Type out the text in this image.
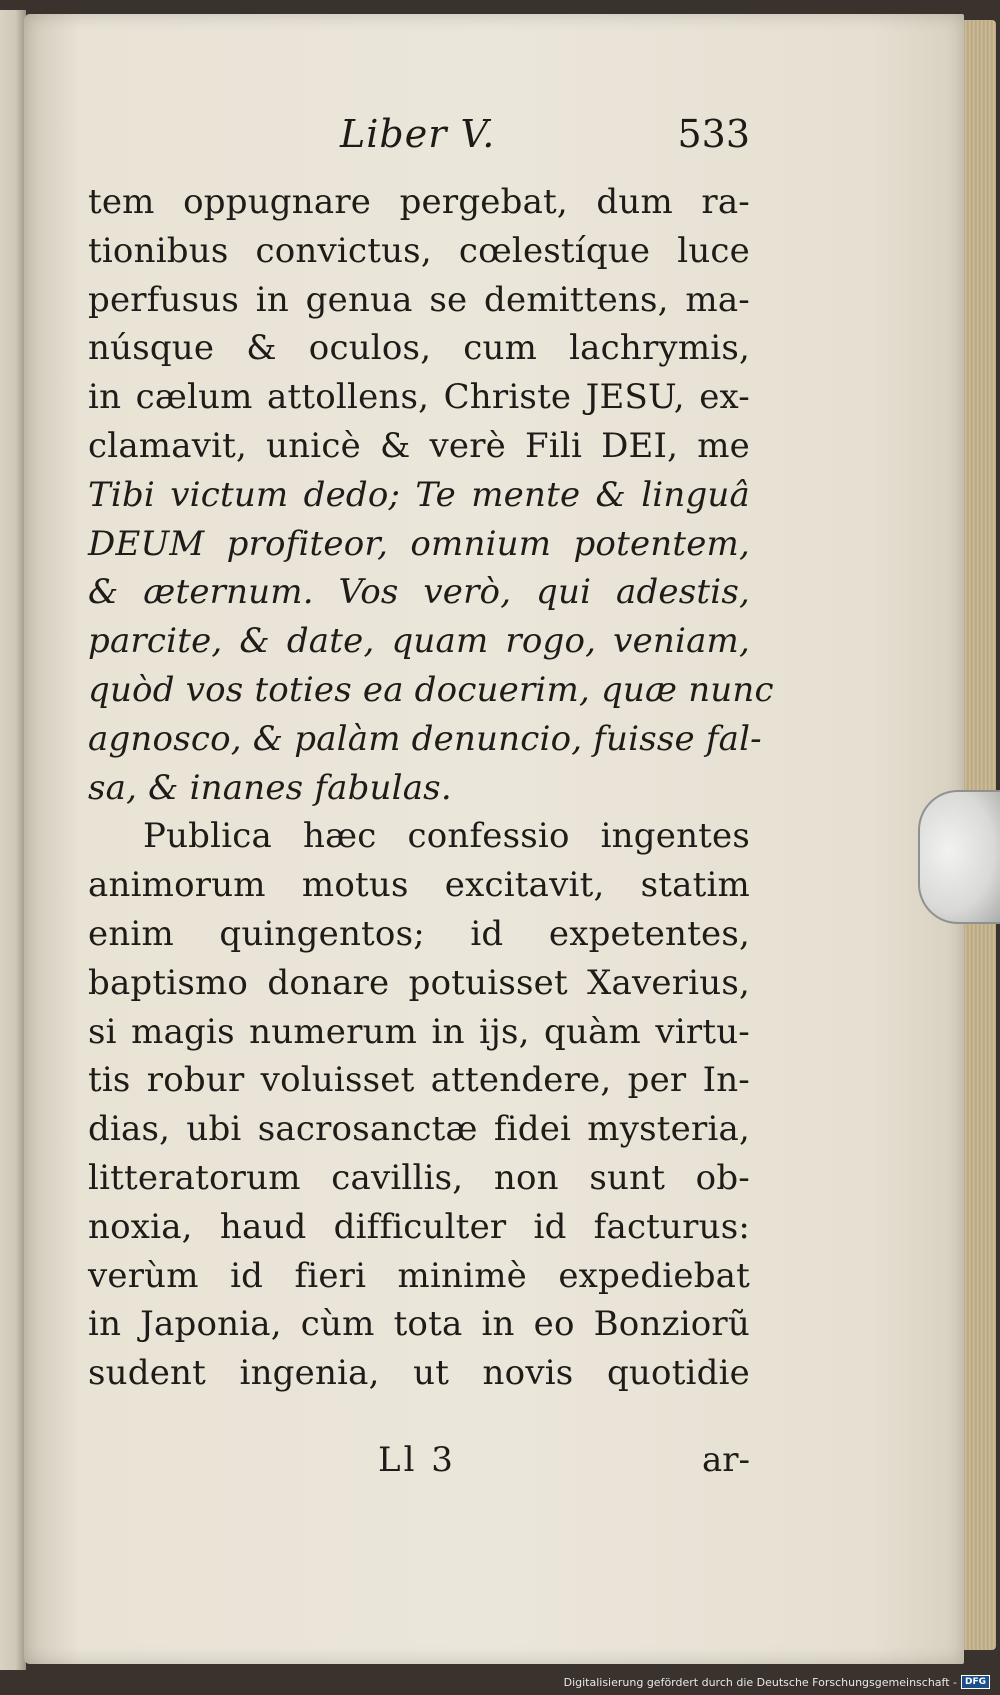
Liber V.	533
tem oppugnare pergebat, dum ra-
tionibus convictus, cœlestíque luce
perfusus in genua se demittens, ma-
núsque & oculos, cum lachrymis,
in cælum attollens, Christe JESU, ex-
clamavit, unicè & verè Fili DEI, me
Tibi victum dedo; Te mente & linguâ
DEUM profiteor, omnium potentem,
& æternum. Vos verò, qui adestis,
parcite, & date, quam rogo, veniam,
quòd vos toties ea docuerim, quæ nunc
agnosco, & palàm denuncio, fuisse fal-
sa, & inanes fabulas.
Publica hæc confessio ingentes
animorum motus excitavit, statim
enim quingentos; id expetentes,
baptismo donare potuisset Xaverius,
si magis numerum in ijs, quàm virtu-
tis robur voluisset attendere, per In-
dias, ubi sacrosanctæ fidei mysteria,
litteratorum cavillis, non sunt ob-
noxia, haud difficulter id facturus:
verùm id fieri minimè expediebat
in Japonia, cùm tota in eo Bonziorũ
sudent ingenia, ut novis quotidie
Ll 3	ar-
Digitalisierung gefördert durch die Deutsche Forschungsgemeinschaft - DFG
